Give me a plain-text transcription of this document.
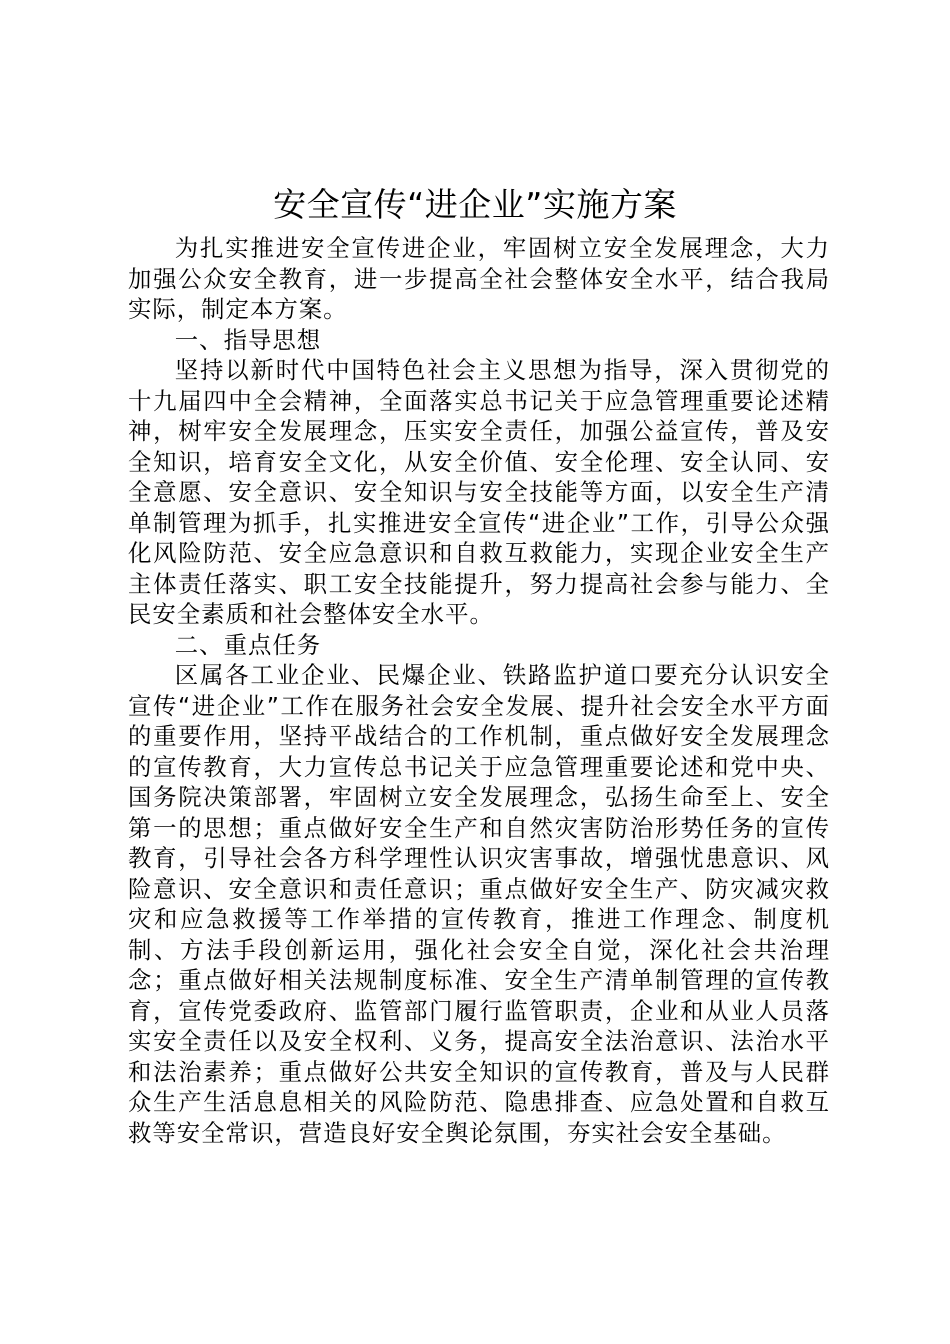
安全宣传“进企业”实施方案

为扎实推进安全宣传进企业，牢固树立安全发展理念，大力加强公众安全教育，进一步提高全社会整体安全水平，结合我局实际，制定本方案。

一、指导思想

坚持以新时代中国特色社会主义思想为指导，深入贯彻党的十九届四中全会精神，全面落实总书记关于应急管理重要论述精神，树牢安全发展理念，压实安全责任，加强公益宣传，普及安全知识，培育安全文化，从安全价值、安全伦理、安全认同、安全意愿、安全意识、安全知识与安全技能等方面，以安全生产清单制管理为抓手，扎实推进安全宣传“进企业”工作，引导公众强化风险防范、安全应急意识和自救互救能力，实现企业安全生产主体责任落实、职工安全技能提升，努力提高社会参与能力、全民安全素质和社会整体安全水平。

二、重点任务

区属各工业企业、民爆企业、铁路监护道口要充分认识安全宣传“进企业”工作在服务社会安全发展、提升社会安全水平方面的重要作用，坚持平战结合的工作机制，重点做好安全发展理念的宣传教育，大力宣传总书记关于应急管理重要论述和党中央、国务院决策部署，牢固树立安全发展理念，弘扬生命至上、安全第一的思想；重点做好安全生产和自然灾害防治形势任务的宣传教育，引导社会各方科学理性认识灾害事故，增强忧患意识、风险意识、安全意识和责任意识；重点做好安全生产、防灾减灾救灾和应急救援等工作举措的宣传教育，推进工作理念、制度机制、方法手段创新运用，强化社会安全自觉，深化社会共治理念；重点做好相关法规制度标准、安全生产清单制管理的宣传教育，宣传党委政府、监管部门履行监管职责，企业和从业人员落实安全责任以及安全权利、义务，提高安全法治意识、法治水平和法治素养；重点做好公共安全知识的宣传教育，普及与人民群众生产生活息息相关的风险防范、隐患排查、应急处置和自救互救等安全常识，营造良好安全舆论氛围，夯实社会安全基础。
